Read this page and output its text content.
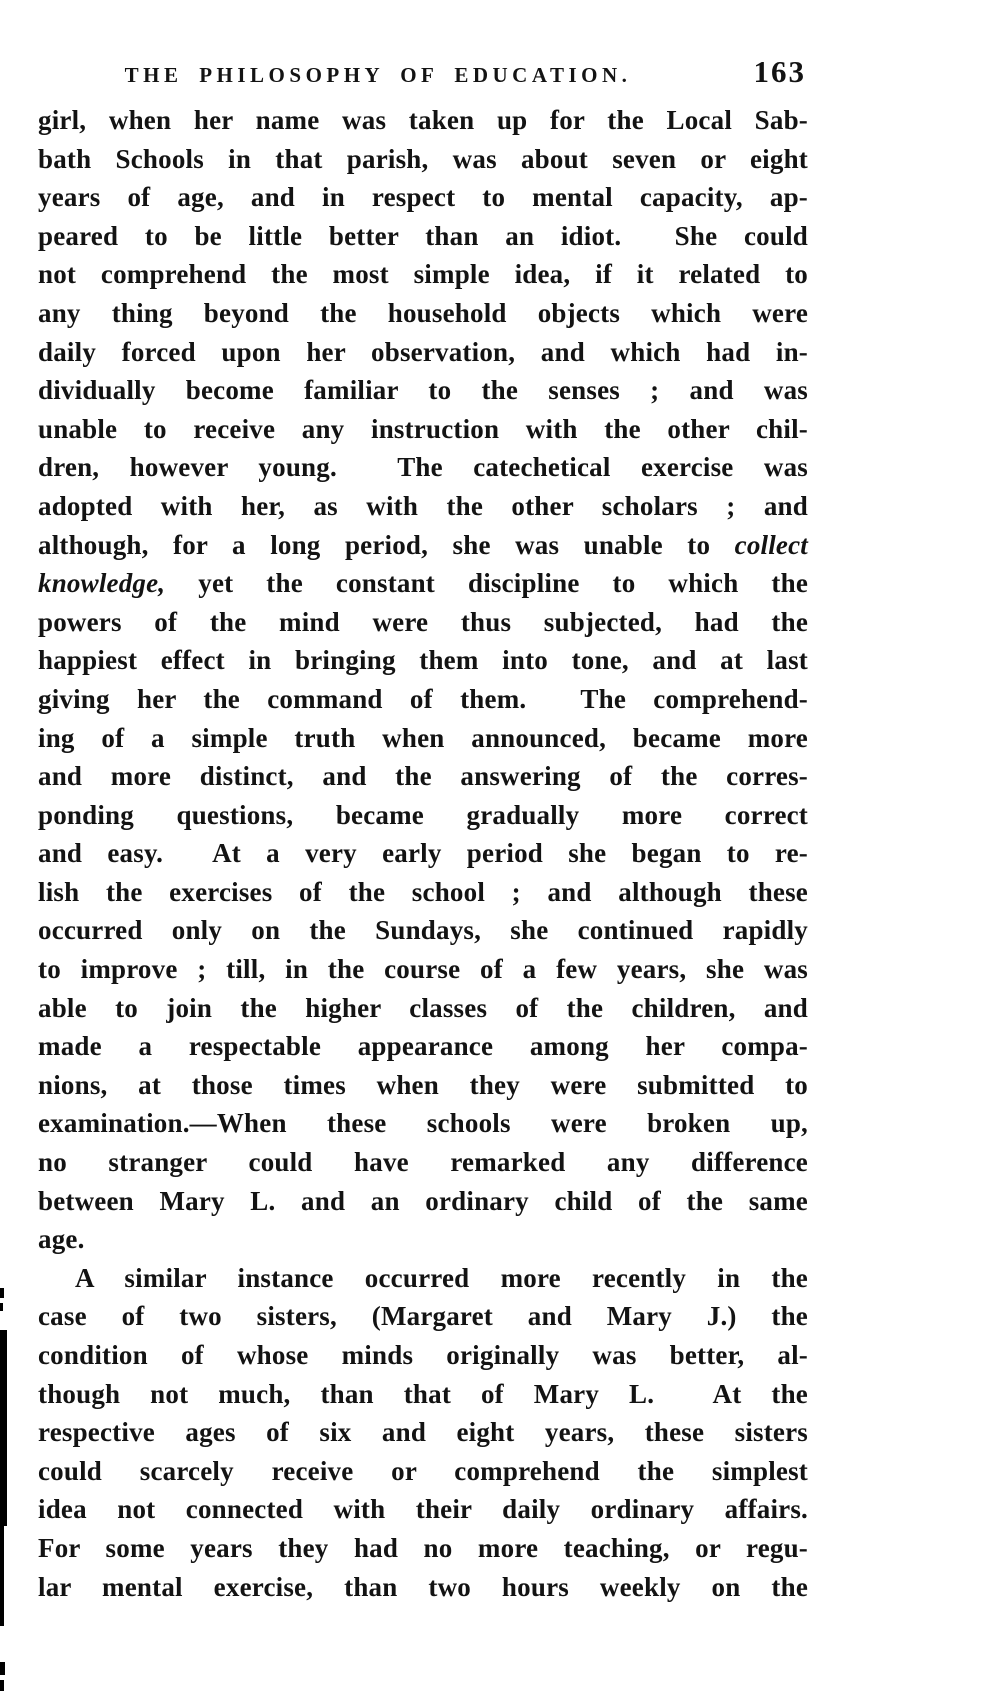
THE PHILOSOPHY OF EDUCATION.	163
girl, when her name was taken up for the Local Sab-
bath Schools in that parish, was about seven or eight
years of age, and in respect to mental capacity, ap-
peared to be little better than an idiot.  She could
not comprehend the most simple idea, if it related to
any thing beyond the household objects which were
daily forced upon her observation, and which had in-
dividually become familiar to the senses ; and was
unable to receive any instruction with the other chil-
dren, however young.  The catechetical exercise was
adopted with her, as with the other scholars ; and
although, for a long period, she was unable to collect
knowledge, yet the constant discipline to which the
powers of the mind were thus subjected, had the
happiest effect in bringing them into tone, and at last
giving her the command of them.  The comprehend-
ing of a simple truth when announced, became more
and more distinct, and the answering of the corres-
ponding questions, became gradually more correct
and easy.  At a very early period she began to re-
lish the exercises of the school ; and although these
occurred only on the Sundays, she continued rapidly
to improve ; till, in the course of a few years, she was
able to join the higher classes of the children, and
made a respectable appearance among her compa-
nions, at those times when they were submitted to
examination.—When these schools were broken up,
no stranger could have remarked any difference
between Mary L. and an ordinary child of the same
age.
A similar instance occurred more recently in the
case of two sisters, (Margaret and Mary J.) the
condition of whose minds originally was better, al-
though not much, than that of Mary L.  At the
respective ages of six and eight years, these sisters
could scarcely receive or comprehend the simplest
idea not connected with their daily ordinary affairs.
For some years they had no more teaching, or regu-
lar mental exercise, than two hours weekly on the
